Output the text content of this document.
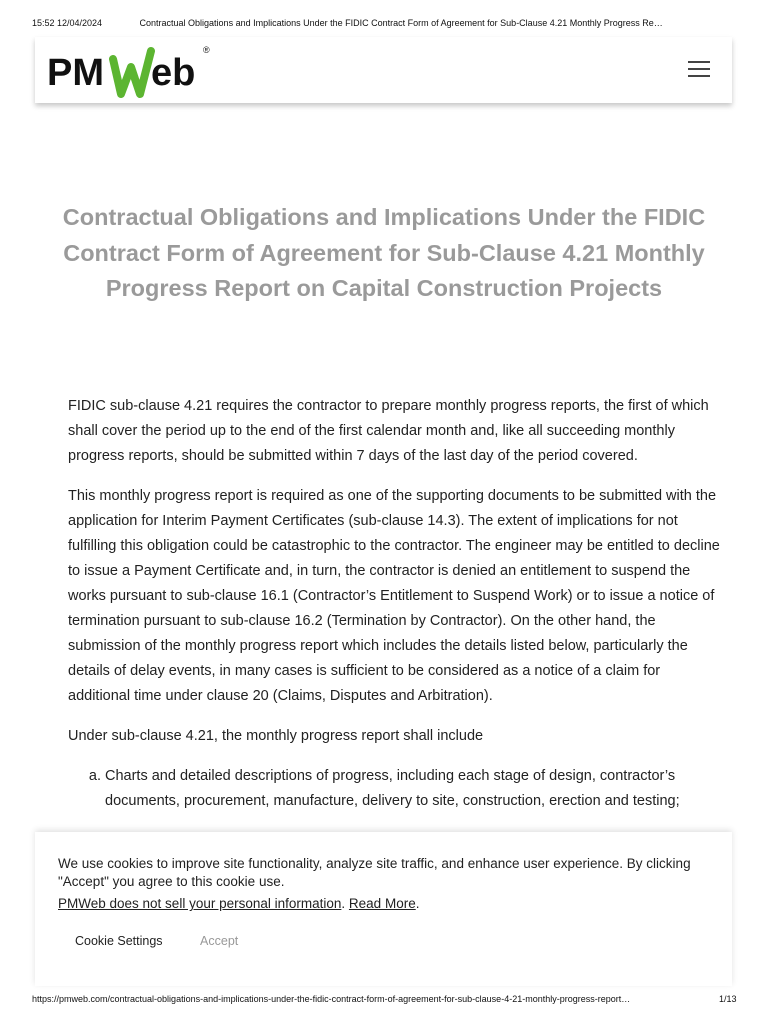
15:52 12/04/2024	Contractual Obligations and Implications Under the FIDIC Contract Form of Agreement for Sub-Clause 4.21 Monthly Progress Re…
PM eb
®
Contractual Obligations and Implications Under the FIDIC Contract Form of Agreement for Sub-Clause 4.21 Monthly Progress Report on Capital Construction Projects

FIDIC sub-clause 4.21 requires the contractor to prepare monthly progress reports, the first of which shall cover the period up to the end of the first calendar month and, like all succeeding monthly progress reports, should be submitted within 7 days of the last day of the period covered.

This monthly progress report is required as one of the supporting documents to be submitted with the application for Interim Payment Certificates (sub-clause 14.3). The extent of implications for not fulfilling this obligation could be catastrophic to the contractor. The engineer may be entitled to decline to issue a Payment Certificate and, in turn, the contractor is denied an entitlement to suspend the works pursuant to sub-clause 16.1 (Contractor’s Entitlement to Suspend Work) or to issue a notice of termination pursuant to sub-clause 16.2 (Termination by Contractor). On the other hand, the submission of the monthly progress report which includes the details listed below, particularly the details of delay events, in many cases is sufficient to be considered as a notice of a claim for additional time under clause 20 (Claims, Disputes and Arbitration).

Under sub-clause 4.21, the monthly progress report shall include

a. Charts and detailed descriptions of progress, including each stage of design, contractor’s documents, procurement, manufacture, delivery to site, construction, erection and testing;

We use cookies to improve site functionality, analyze site traffic, and enhance user experience. By clicking "Accept" you agree to this cookie use.

PMWeb does not sell your personal information. Read More.
Cookie Settings	Accept
https://pmweb.com/contractual-obligations-and-implications-under-the-fidic-contract-form-of-agreement-for-sub-clause-4-21-monthly-progress-report…	1/13
